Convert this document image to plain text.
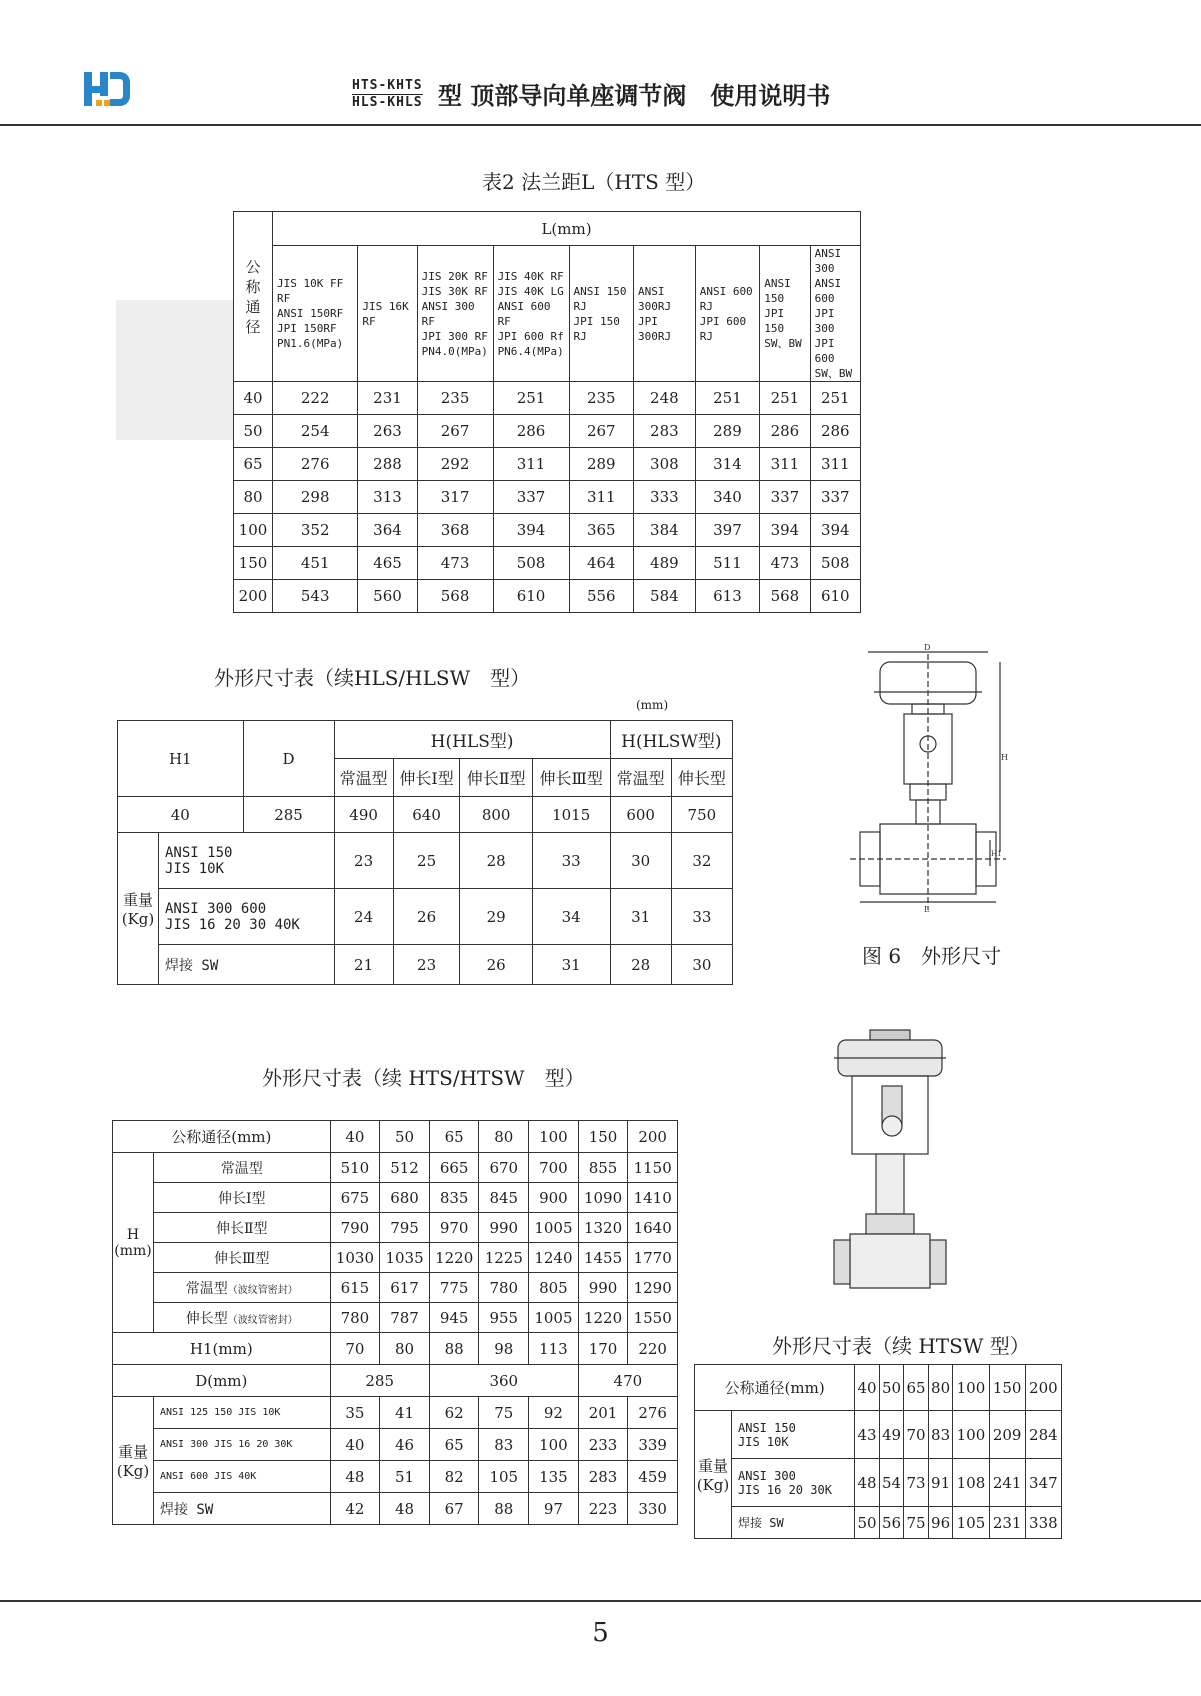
HTS-KHTS
HLS-KHLS 型 顶部导向单座调节阀　使用说明书
表2 法兰距L（HTS 型）
公称通径	L(mm)								
	JIS 10K FF RF
ANSI 150RF
JPI 150RF
PN1.6(MPa)	JIS 16K RF	JIS 20K RF
JIS 30K RF
ANSI 300 RF
JPI 300 RF
PN4.0(MPa)	JIS 40K RF
JIS 40K LG
ANSI 600 RF
JPI 600 Rf
PN6.4(MPa)	ANSI 150 RJ
JPI 150 RJ	ANSI 300RJ
JPI 300RJ	ANSI 600 RJ
JPI 600 RJ	ANSI 150
JPI 150
SW、BW	ANSI 300
ANSI 600
JPI 300
JPI 600
SW、BW
40	222	231	235	251	235	248	251	251	251
50	254	263	267	286	267	283	289	286	286
65	276	288	292	311	289	308	314	311	311
80	298	313	317	337	311	333	340	337	337
100	352	364	368	394	365	384	397	394	394
150	451	465	473	508	464	489	511	473	508
200	543	560	568	610	556	584	613	568	610
外形尺寸表（续HLS/HLSW　型）
(mm)
H1		D	H(HLS型)				H(HLSW型)	
			常温型	伸长Ⅰ型	伸长Ⅱ型	伸长Ⅲ型	常温型	伸长型
40		285	490	640	800	1015	600	750
重量
(Kg)	ANSI 150
JIS 10K		23	25	28	33	30	32
	ANSI 300 600
JIS 16 20 30 40K		24	26	29	34	31	33
	焊接 SW		21	23	26	31	28	30
D
H
H1
L
图 6　外形尺寸
外形尺寸表（续 HTS/HTSW　型）
公称通径(mm)		40	50	65	80	100	150	200
H
(mm)	常温型	510	512	665	670	700	855	1150
	伸长Ⅰ型	675	680	835	845	900	1090	1410
	伸长Ⅱ型	790	795	970	990	1005	1320	1640
	伸长Ⅲ型	1030	1035	1220	1225	1240	1455	1770
	常温型（波纹管密封）	615	617	775	780	805	990	1290
	伸长型（波纹管密封）	780	787	945	955	1005	1220	1550
H1(mm)		70	80	88	98	113	170	220
D(mm)		285		360			470	
重量
(Kg)	ANSI 125 150 JIS 10K	35	41	62	75	92	201	276
	ANSI 300 JIS 16 20 30K	40	46	65	83	100	233	339
	ANSI 600 JIS 40K	48	51	82	105	135	283	459
	焊接 SW	42	48	67	88	97	223	330
外形尺寸表（续 HTSW 型）
公称通径(mm)		40	50	65	80	100	150	200
重量
(Kg)	ANSI 150
JIS 10K	43	49	70	83	100	209	284
	ANSI 300
JIS 16 20 30K	48	54	73	91	108	241	347
	焊接 SW	50	56	75	96	105	231	338
5
